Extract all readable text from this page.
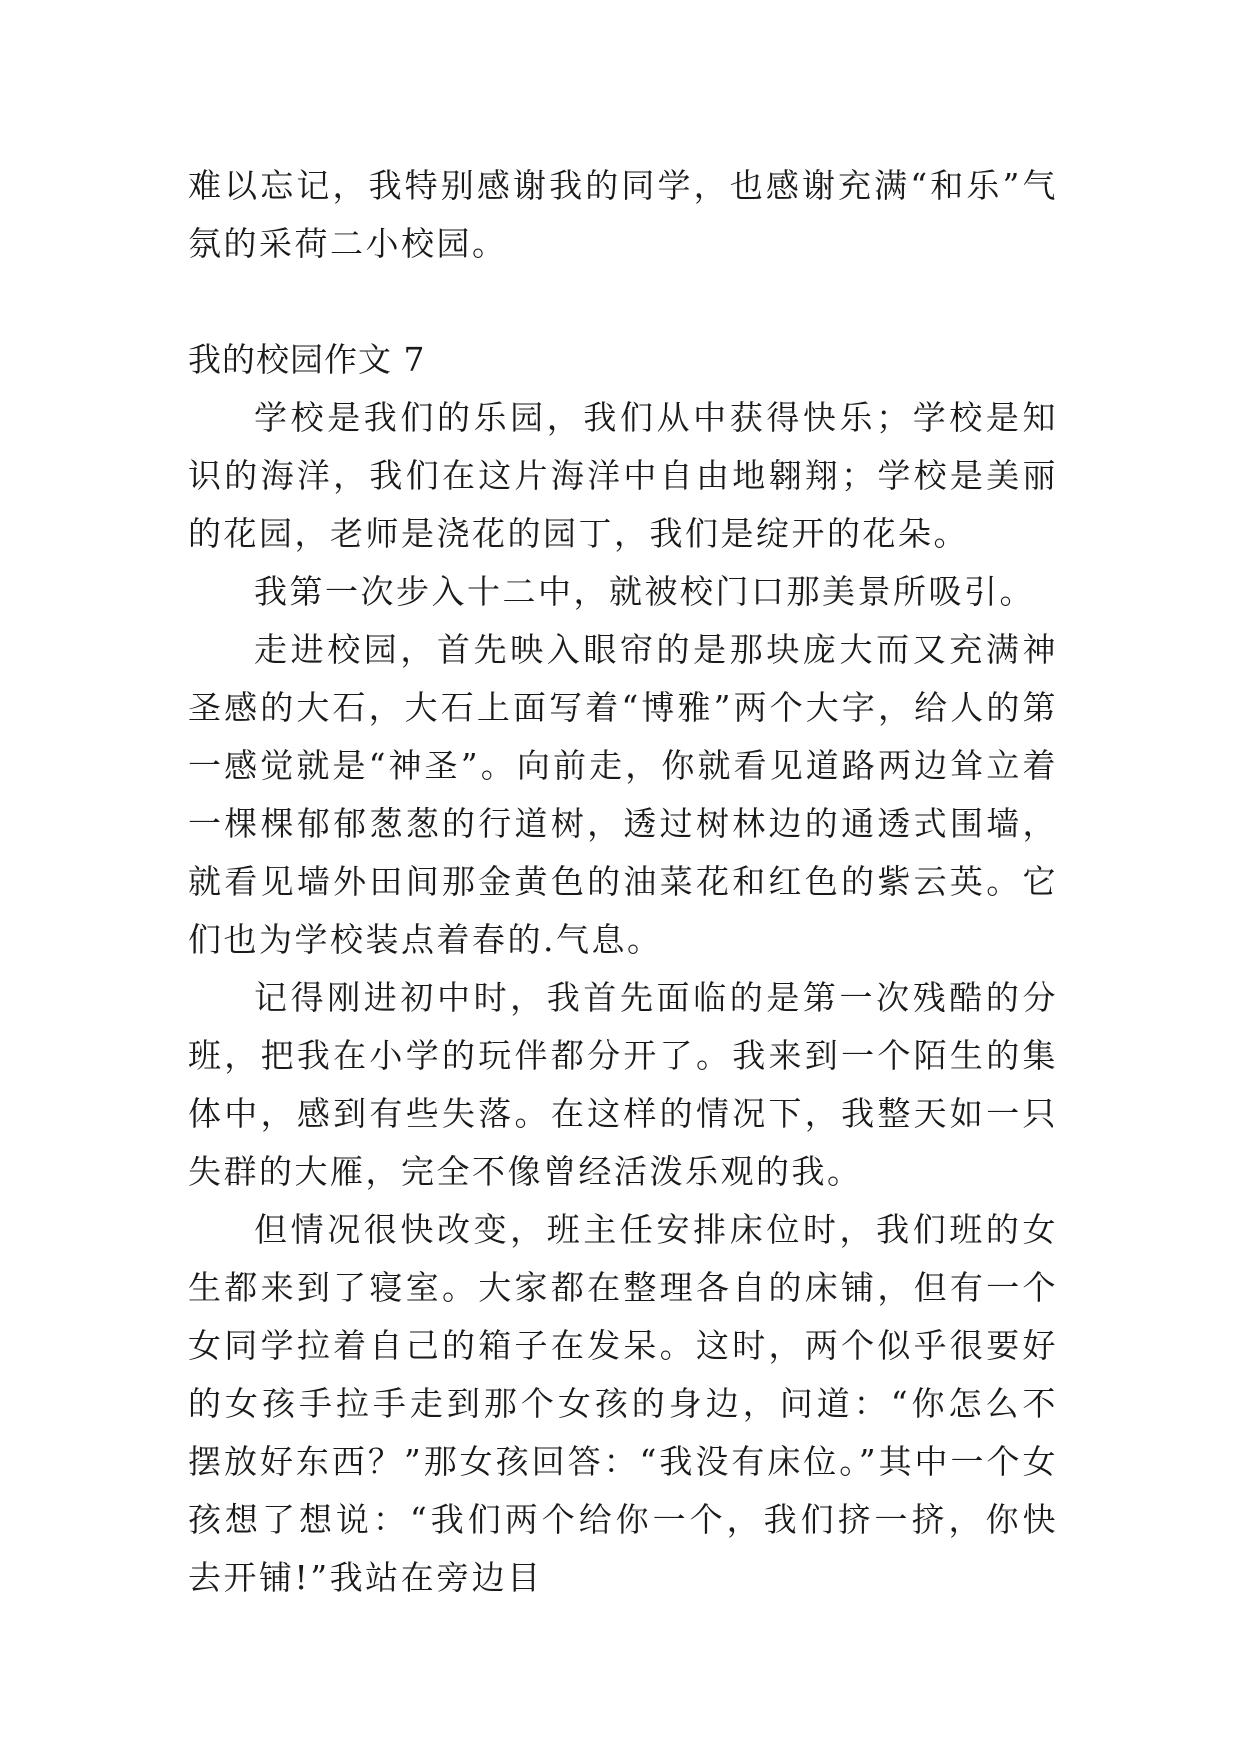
难以忘记，我特别感谢我的同学，也感谢充满“和乐”气氛的采荷二小校园。

我的校园作文 7

学校是我们的乐园，我们从中获得快乐；学校是知识的海洋，我们在这片海洋中自由地翱翔；学校是美丽的花园，老师是浇花的园丁，我们是绽开的花朵。

我第一次步入十二中，就被校门口那美景所吸引。

走进校园，首先映入眼帘的是那块庞大而又充满神圣感的大石，大石上面写着“博雅”两个大字，给人的第一感觉就是“神圣”。向前走，你就看见道路两边耸立着一棵棵郁郁葱葱的行道树，透过树林边的通透式围墙，就看见墙外田间那金黄色的油菜花和红色的紫云英。它们也为学校装点着春的.气息。

记得刚进初中时，我首先面临的是第一次残酷的分班，把我在小学的玩伴都分开了。我来到一个陌生的集体中，感到有些失落。在这样的情况下，我整天如一只失群的大雁，完全不像曾经活泼乐观的我。

但情况很快改变，班主任安排床位时，我们班的女生都来到了寝室。大家都在整理各自的床铺，但有一个女同学拉着自己的箱子在发呆。这时，两个似乎很要好的女孩手拉手走到那个女孩的身边，问道：“你怎么不摆放好东西？”那女孩回答：“我没有床位。”其中一个女孩想了想说：“我们两个给你一个，我们挤一挤，你快去开铺!”我站在旁边目
